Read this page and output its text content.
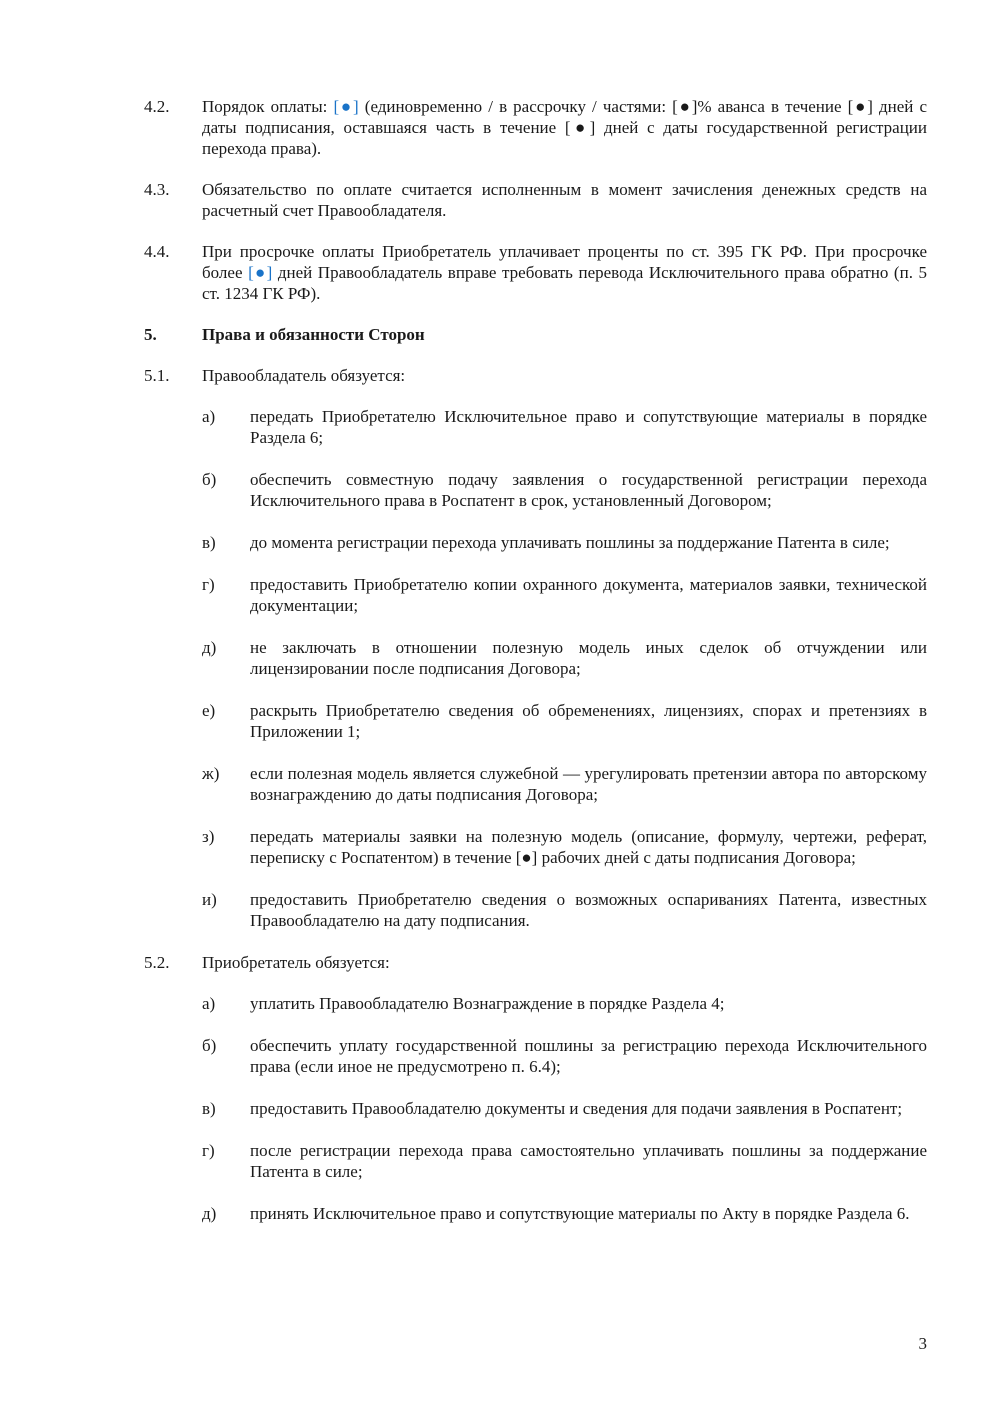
4.2.	Порядок оплаты: [●] (единовременно / в рассрочку / частями: [●]% аванса в течение [●] дней с даты подписания, оставшаяся часть в течение [●] дней с даты государственной регистрации перехода права).
4.3.	Обязательство по оплате считается исполненным в момент зачисления денежных средств на расчетный счет Правообладателя.
4.4.	При просрочке оплаты Приобретатель уплачивает проценты по ст. 395 ГК РФ. При просрочке более [●] дней Правообладатель вправе требовать перевода Исключительного права обратно (п. 5 ст. 1234 ГК РФ).
5.	Права и обязанности Сторон
5.1.	Правообладатель обязуется:
а)	передать Приобретателю Исключительное право и сопутствующие материалы в порядке Раздела 6;
б)	обеспечить совместную подачу заявления о государственной регистрации перехода Исключительного права в Роспатент в срок, установленный Договором;
в)	до момента регистрации перехода уплачивать пошлины за поддержание Патента в силе;
г)	предоставить Приобретателю копии охранного документа, материалов заявки, технической документации;
д)	не заключать в отношении полезную модель иных сделок об отчуждении или лицензировании после подписания Договора;
е)	раскрыть Приобретателю сведения об обременениях, лицензиях, спорах и претензиях в Приложении 1;
ж)	если полезная модель является служебной — урегулировать претензии автора по авторскому вознаграждению до даты подписания Договора;
з)	передать материалы заявки на полезную модель (описание, формулу, чертежи, реферат, переписку с Роспатентом) в течение [●] рабочих дней с даты подписания Договора;
и)	предоставить Приобретателю сведения о возможных оспариваниях Патента, известных Правообладателю на дату подписания.
5.2.	Приобретатель обязуется:
а)	уплатить Правообладателю Вознаграждение в порядке Раздела 4;
б)	обеспечить уплату государственной пошлины за регистрацию перехода Исключительного права (если иное не предусмотрено п. 6.4);
в)	предоставить Правообладателю документы и сведения для подачи заявления в Роспатент;
г)	после регистрации перехода права самостоятельно уплачивать пошлины за поддержание Патента в силе;
д)	принять Исключительное право и сопутствующие материалы по Акту в порядке Раздела 6.
3
